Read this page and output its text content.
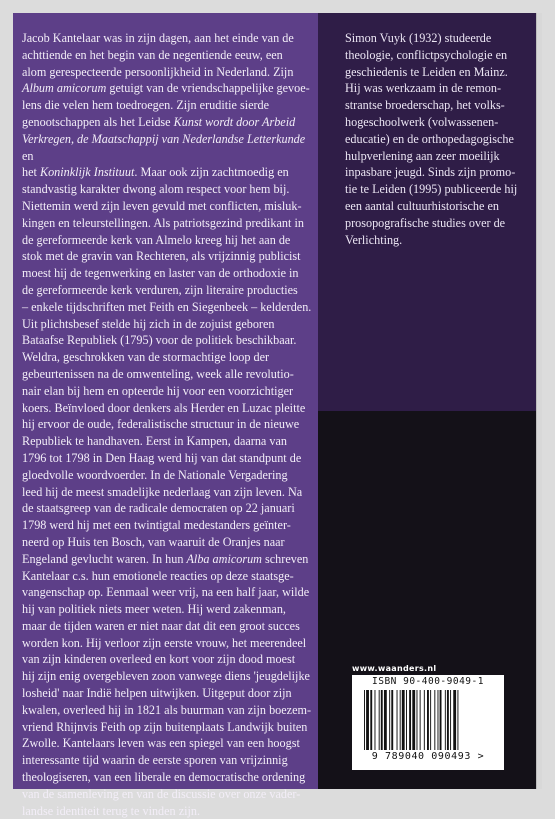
Jacob Kantelaar was in zijn dagen, aan het einde van de

achttiende en het begin van de negentiende eeuw, een

alom gerespecteerde persoonlijkheid in Nederland. Zijn

Album amicorum getuigt van de vriendschappelijke gevoe-

lens die velen hem toedroegen. Zijn eruditie sierde

genootschappen als het Leidse Kunst wordt door Arbeid

Verkregen, de Maatschappij van Nederlandse Letterkunde en

het Koninklijk Instituut. Maar ook zijn zachtmoedig en

standvastig karakter dwong alom respect voor hem bij.

Niettemin werd zijn leven gevuld met conflicten, misluk-

kingen en teleurstellingen. Als patriotsgezind predikant in

de gereformeerde kerk van Almelo kreeg hij het aan de

stok met de gravin van Rechteren, als vrijzinnig publicist

moest hij de tegenwerking en laster van de orthodoxie in

de gereformeerde kerk verduren, zijn literaire producties

– enkele tijdschriften met Feith en Siegenbeek – kelderden.

Uit plichtsbesef stelde hij zich in de zojuist geboren

Bataafse Republiek (1795) voor de politiek beschikbaar.

Weldra, geschrokken van de stormachtige loop der

gebeurtenissen na de omwenteling, week alle revolutio-

nair elan bij hem en opteerde hij voor een voorzichtiger

koers. Beïnvloed door denkers als Herder en Luzac pleitte

hij ervoor de oude, federalistische structuur in de nieuwe

Republiek te handhaven. Eerst in Kampen, daarna van

1796 tot 1798 in Den Haag werd hij van dat standpunt de

gloedvolle woordvoerder. In de Nationale Vergadering

leed hij de meest smadelijke nederlaag van zijn leven. Na

de staatsgreep van de radicale democraten op 22 januari

1798 werd hij met een twintigtal medestanders geïnter-

neerd op Huis ten Bosch, van waaruit de Oranjes naar

Engeland gevlucht waren. In hun Alba amicorum schreven

Kantelaar c.s. hun emotionele reacties op deze staatsge-

vangenschap op. Eenmaal weer vrij, na een half jaar, wilde

hij van politiek niets meer weten. Hij werd zakenman,

maar de tijden waren er niet naar dat dit een groot succes

worden kon. Hij verloor zijn eerste vrouw, het meerendeel

van zijn kinderen overleed en kort voor zijn dood moest

hij zijn enig overgebleven zoon vanwege diens 'jeugdelijke

losheid' naar Indië helpen uitwijken. Uitgeput door zijn

kwalen, overleed hij in 1821 als buurman van zijn boezem-

vriend Rhijnvis Feith op zijn buitenplaats Landwijk buiten

Zwolle. Kantelaars leven was een spiegel van een hoogst

interessante tijd waarin de eerste sporen van vrijzinnig

theologiseren, van een liberale en democratische ordening

van de samenleving en van de discussie over onze vader-

landse identiteit terug te vinden zijn.

Simon Vuyk (1932) studeerde

theologie, conflictpsychologie en

geschiedenis te Leiden en Mainz.

Hij was werkzaam in de remon-

strantse broederschap, het volks-

hogeschoolwerk (volwassenen-

educatie) en de orthopedagogische

hulpverlening aan zeer moeilijk

inpasbare jeugd. Sinds zijn promo-

tie te Leiden (1995) publiceerde hij

een aantal cultuurhistorische en

prosopografische studies over de

Verlichting.

www.waanders.nl
ISBN 90-400-9049-1
9 789040 090493 >
